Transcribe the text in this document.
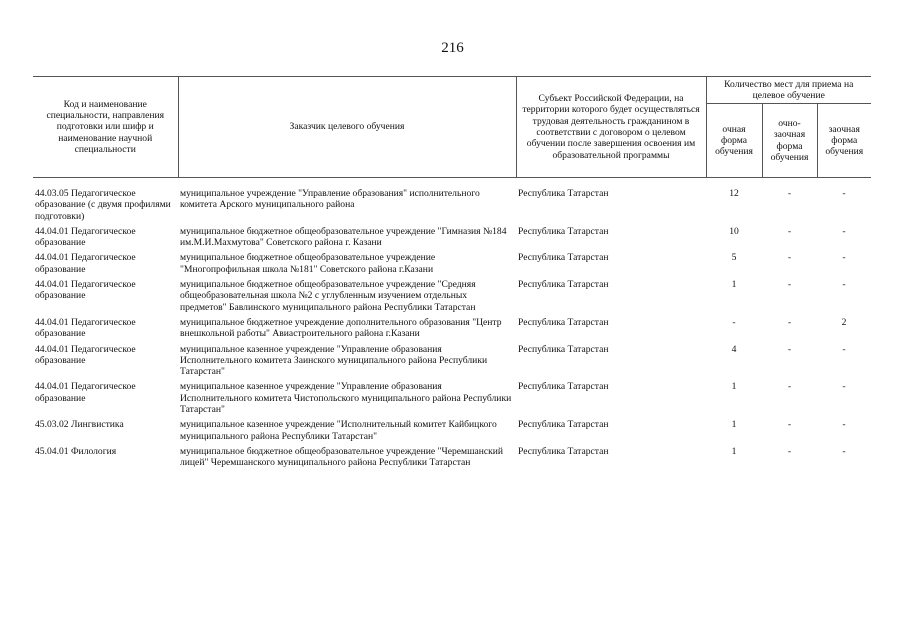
216
Код и наименование специальности, направления подготовки или шифр и наименование научной специальности	Заказчик целевого обучения	Субъект Российской Федерации, на территории которого будет осуществляться трудовая деятельность гражданином в соответствии с договором о целевом обучении после завершения освоения им образовательной программы	Количество мест для приема на целевое обучение		
			очная форма обучения	очно-заочная форма обучения	заочная форма обучения

44.03.05 Педагогическое образование (с двумя профилями подготовки)	муниципальное учреждение "Управление образования" исполнительного комитета Арского муниципального района	Республика Татарстан	12	-	-
44.04.01 Педагогическое образование	муниципальное бюджетное общеобразовательное учреждение "Гимназия №184 им.М.И.Махмутова" Советского района г. Казани	Республика Татарстан	10	-	-
44.04.01 Педагогическое образование	муниципальное бюджетное общеобразовательное учреждение "Многопрофильная школа №181" Советского района г.Казани	Республика Татарстан	5	-	-
44.04.01 Педагогическое образование	муниципальное бюджетное общеобразовательное учреждение "Средняя общеобразовательная школа №2 с углубленным изучением отдельных предметов" Бавлинского муниципального района Республики Татарстан	Республика Татарстан	1	-	-
44.04.01 Педагогическое образование	муниципальное бюджетное учреждение дополнительного образования "Центр внешкольной работы" Авиастроительного района г.Казани	Республика Татарстан	-	-	2
44.04.01 Педагогическое образование	муниципальное казенное учреждение "Управление образования Исполнительного комитета Заинского муниципального района Республики Татарстан"	Республика Татарстан	4	-	-
44.04.01 Педагогическое образование	муниципальное казенное учреждение "Управление образования Исполнительного комитета Чистопольского муниципального района Республики Татарстан"	Республика Татарстан	1	-	-
45.03.02 Лингвистика	муниципальное казенное учреждение "Исполнительный комитет Кайбицкого муниципального района Республики Татарстан"	Республика Татарстан	1	-	-
45.04.01 Филология	муниципальное бюджетное общеобразовательное учреждение "Черемшанский лицей" Черемшанского муниципального района Республики Татарстан	Республика Татарстан	1	-	-
